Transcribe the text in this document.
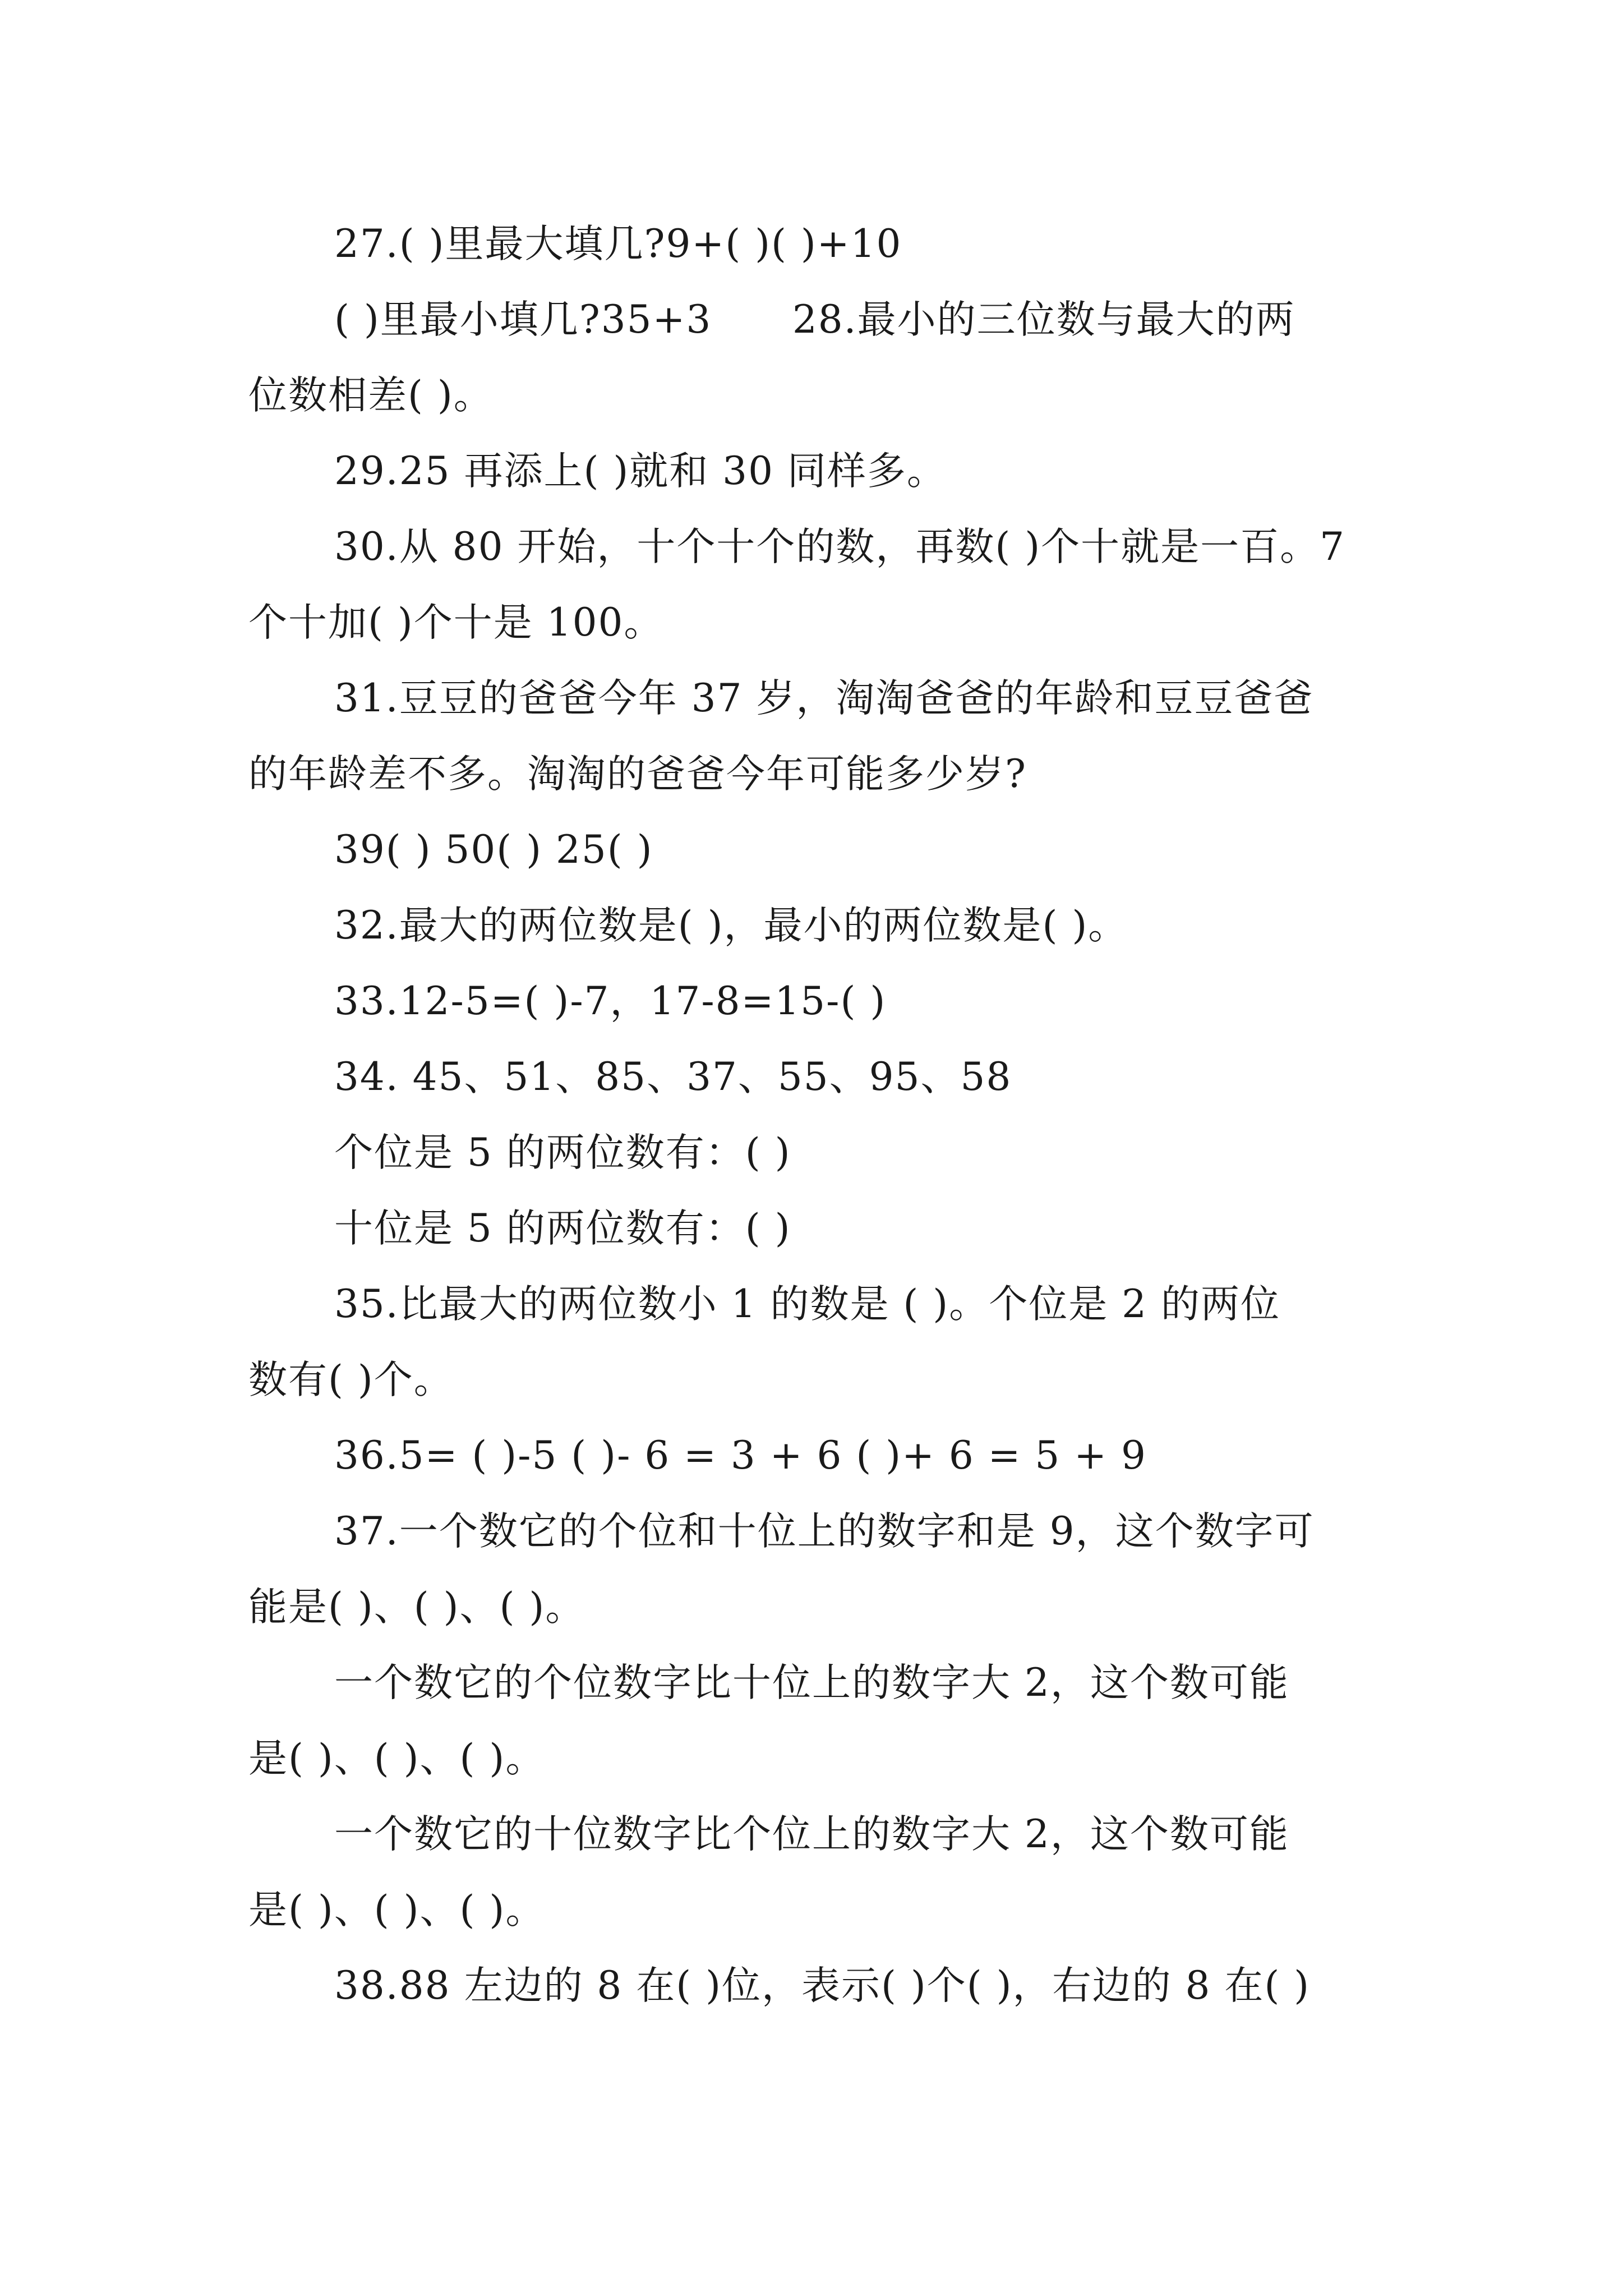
27.( )里最大填几?9+( )( )+10
( )里最小填几?35+3      28.最小的三位数与最大的两
位数相差( )。
29.25 再添上( )就和 30 同样多。
30.从 80 开始，十个十个的数，再数( )个十就是一百。7
个十加( )个十是 100。
31.豆豆的爸爸今年 37 岁，淘淘爸爸的年龄和豆豆爸爸
的年龄差不多。淘淘的爸爸今年可能多少岁?
39( ) 50( ) 25( )
32.最大的两位数是( )，最小的两位数是( )。
33.12-5=( )-7，17-8=15-( )
34. 45、51、85、37、55、95、58
个位是 5 的两位数有：( )
十位是 5 的两位数有：( )
35.比最大的两位数小 1 的数是 ( )。个位是 2 的两位
数有( )个。
36.5= ( )-5 ( )- 6 = 3 + 6 ( )+ 6 = 5 + 9
37.一个数它的个位和十位上的数字和是 9，这个数字可
能是( )、( )、( )。
一个数它的个位数字比十位上的数字大 2，这个数可能
是( )、( )、( )。
一个数它的十位数字比个位上的数字大 2，这个数可能
是( )、( )、( )。
38.88 左边的 8 在( )位，表示( )个( )，右边的 8 在( )
